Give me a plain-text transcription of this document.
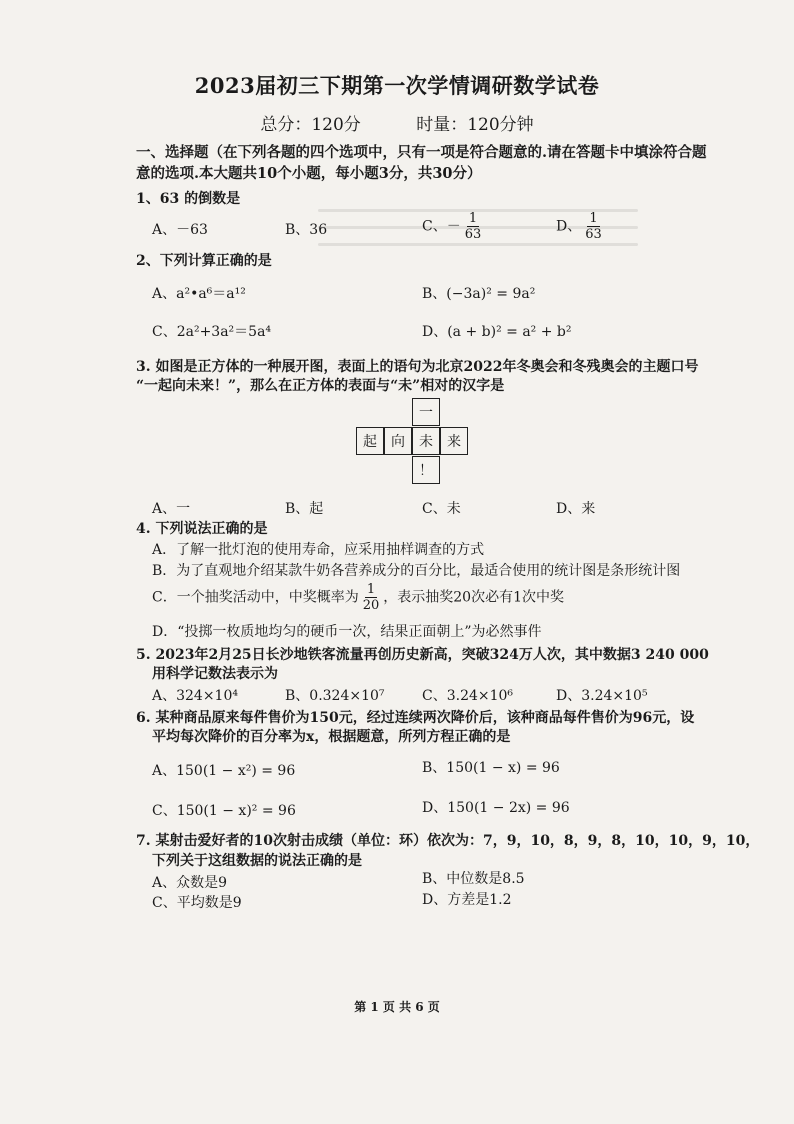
2023届初三下期第一次学情调研数学试卷
总分：120分	时量：120分钟
一、选择题（在下列各题的四个选项中，只有一项是符合题意的.请在答题卡中填涂符合题
意的选项.本大题共10个小题，每小题3分，共30分）
1、63 的倒数是
A、－63	B、36	C、－ $\frac{1}{63}$	D、 $\frac{1}{63}$
2、下列计算正确的是
A、a²•a⁶＝a¹²	B、(−3a)² = 9a²
C、2a²+3a²＝5a⁴	D、(a + b)² = a² + b²
3. 如图是正方体的一种展开图，表面上的语句为北京2022年冬奥会和冬残奥会的主题口号
“一起向未来！”，那么在正方体的表面与“未”相对的汉字是
一
起	向	未	来
！
A、一	B、起	C、未	D、来
4. 下列说法正确的是
A．了解一批灯泡的使用寿命，应采用抽样调查的方式
B．为了直观地介绍某款牛奶各营养成分的百分比，最适合使用的统计图是条形统计图
C．一个抽奖活动中，中奖概率为 $\frac{1}{20}$ ，表示抽奖20次必有1次中奖
D．“投掷一枚质地均匀的硬币一次，结果正面朝上”为必然事件
5. 2023年2月25日长沙地铁客流量再创历史新高，突破324万人次，其中数据3 240 000
用科学记数法表示为
A、324×10⁴	B、0.324×10⁷	C、3.24×10⁶	D、3.24×10⁵
6. 某种商品原来每件售价为150元，经过连续两次降价后，该种商品每件售价为96元，设
平均每次降价的百分率为x，根据题意，所列方程正确的是
A、150(1 − x²) = 96	B、150(1 − x) = 96
C、150(1 − x)² = 96	D、150(1 − 2x) = 96
7. 某射击爱好者的10次射击成绩（单位：环）依次为：7，9，10，8，9，8，10，10，9，10，
下列关于这组数据的说法正确的是
A、众数是9	B、中位数是8.5
C、平均数是9	D、方差是1.2
第 1 页 共 6 页
